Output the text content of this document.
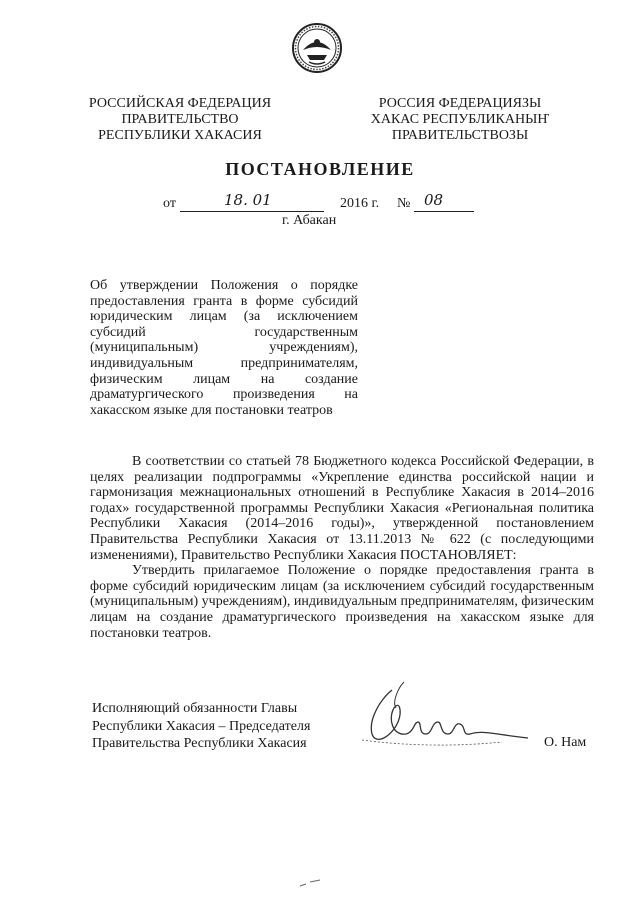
РОССИЙСКАЯ ФЕДЕРАЦИЯ
ПРАВИТЕЛЬСТВО
РЕСПУБЛИКИ ХАКАСИЯ
РОССИЯ ФЕДЕРАЦИЯЗЫ
ХАКАС РЕСПУБЛИКАНЫҤ
ПРАВИТЕЛЬСТВОЗЫ
ПОСТАНОВЛЕНИЕ
от	18. 01	2016 г. № 08
г. Абакан
Об утверждении Положения о порядке
предоставления гранта в форме субсидий
юридическим лицам (за исключением
субсидий государственным
(муниципальным) учреждениям),
индивидуальным предпринимателям,
физическим лицам на создание
драматургического произведения на
хакасском языке для постановки театров

В соответствии со статьей 78 Бюджетного кодекса Российской Федерации, в целях реализации подпрограммы «Укрепление единства российской нации и гармонизация межнациональных отношений в Республике Хакасия в 2014–2016 годах» государственной программы Республики Хакасия «Региональная политика Республики Хакасия (2014–2016 годы)», утвержденной постановлением Правительства Республики Хакасия от 13.11.2013 № 622 (с последующими изменениями), Правительство Республики Хакасия ПОСТАНОВЛЯЕТ:

Утвердить прилагаемое Положение о порядке предоставления гранта в форме субсидий юридическим лицам (за исключением субсидий государственным (муниципальным) учреждениям), индивидуальным предпринимателям, физическим лицам на создание драматургического произведения на хакасском языке для постановки театров.

Исполняющий обязанности Главы
Республики Хакасия – Председателя
Правительства Республики Хакасия	О. Нам
